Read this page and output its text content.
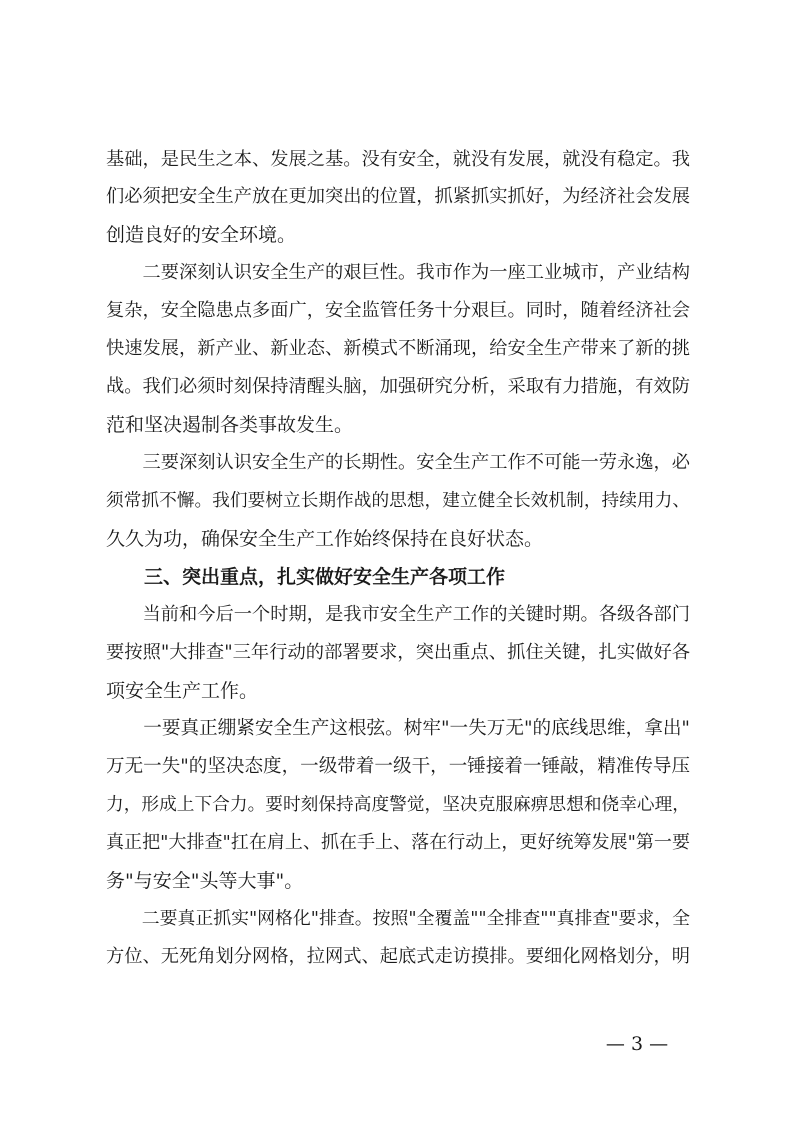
基础，是民生之本、发展之基。没有安全，就没有发展，就没有稳定。我
们必须把安全生产放在更加突出的位置，抓紧抓实抓好，为经济社会发展
创造良好的安全环境。
　　二要深刻认识安全生产的艰巨性。我市作为一座工业城市，产业结构
复杂，安全隐患点多面广，安全监管任务十分艰巨。同时，随着经济社会
快速发展，新产业、新业态、新模式不断涌现，给安全生产带来了新的挑
战。我们必须时刻保持清醒头脑，加强研究分析，采取有力措施，有效防
范和坚决遏制各类事故发生。
　　三要深刻认识安全生产的长期性。安全生产工作不可能一劳永逸，必
须常抓不懈。我们要树立长期作战的思想，建立健全长效机制，持续用力、
久久为功，确保安全生产工作始终保持在良好状态。
　　三、突出重点，扎实做好安全生产各项工作
　　当前和今后一个时期，是我市安全生产工作的关键时期。各级各部门
要按照"大排查"三年行动的部署要求，突出重点、抓住关键，扎实做好各
项安全生产工作。
　　一要真正绷紧安全生产这根弦。树牢"一失万无"的底线思维，拿出"
万无一失"的坚决态度，一级带着一级干，一锤接着一锤敲，精准传导压
力，形成上下合力。要时刻保持高度警觉，坚决克服麻痹思想和侥幸心理，
真正把"大排查"扛在肩上、抓在手上、落在行动上，更好统筹发展"第一要
务"与安全"头等大事"。
　　二要真正抓实"网格化"排查。按照"全覆盖""全排查""真排查"要求，全
方位、无死角划分网格，拉网式、起底式走访摸排。要细化网格划分，明
— 3 —
